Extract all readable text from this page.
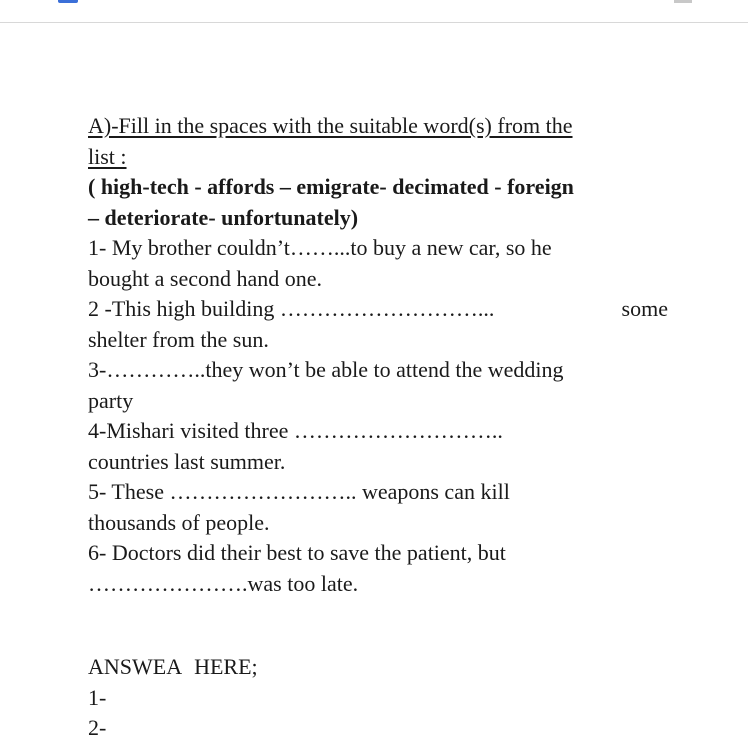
A)-Fill in the spaces with the suitable word(s) from the
list :
( high-tech - affords – emigrate- decimated - foreign
– deteriorate- unfortunately)
1- My brother couldn’t……...to buy a new car, so he
bought a second hand one.
2 -This high building ………………………...	some
shelter from the sun.
3-…………..they won’t be able to attend the wedding
party
4-Mishari visited three ………………………..
countries last summer.
5- These …………………….. weapons can kill
thousands of people.
6- Doctors did their best to save the patient, but
………………….was too late.
ANSWEA HERE;
1-
2-
